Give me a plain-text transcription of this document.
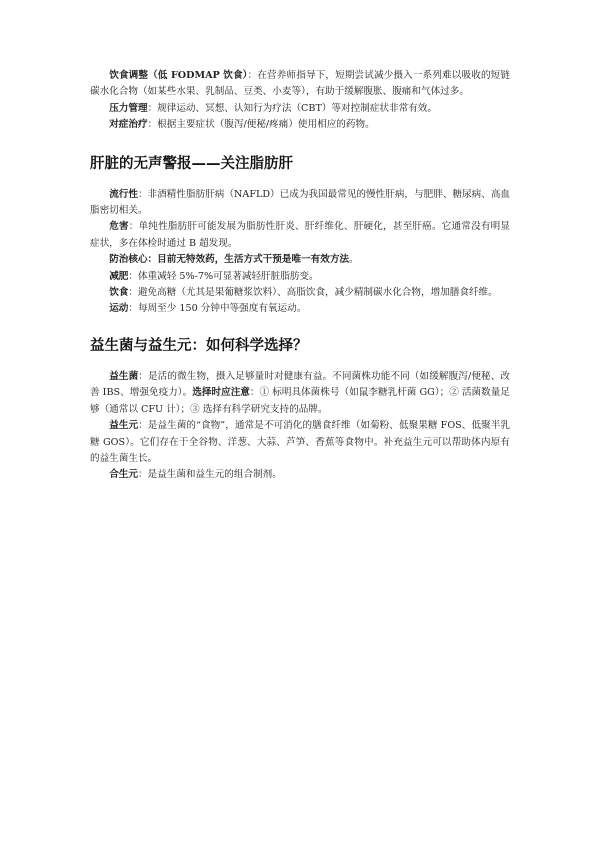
饮食调整（低 FODMAP 饮食）：在营养师指导下，短期尝试减少摄入一系列难以吸收的短链碳水化合物（如某些水果、乳制品、豆类、小麦等），有助于缓解腹胀、腹痛和气体过多。

压力管理：规律运动、冥想、认知行为疗法（CBT）等对控制症状非常有效。

对症治疗：根据主要症状（腹泻/便秘/疼痛）使用相应的药物。

肝脏的无声警报——关注脂肪肝

流行性：非酒精性脂肪肝病（NAFLD）已成为我国最常见的慢性肝病，与肥胖、糖尿病、高血脂密切相关。

危害：单纯性脂肪肝可能发展为脂肪性肝炎、肝纤维化、肝硬化，甚至肝癌。它通常没有明显症状，多在体检时通过 B 超发现。

防治核心：目前无特效药，生活方式干预是唯一有效方法。

减肥：体重减轻 5%-7%可显著减轻肝脏脂肪变。

饮食：避免高糖（尤其是果葡糖浆饮料）、高脂饮食，减少精制碳水化合物，增加膳食纤维。

运动：每周至少 150 分钟中等强度有氧运动。

益生菌与益生元：如何科学选择？

益生菌：是活的微生物，摄入足够量时对健康有益。不同菌株功能不同（如缓解腹泻/便秘、改善 IBS、增强免疫力）。选择时应注意：① 标明具体菌株号（如鼠李糖乳杆菌 GG）；② 活菌数量足够（通常以 CFU 计）；③ 选择有科学研究支持的品牌。

益生元：是益生菌的“食物”，通常是不可消化的膳食纤维（如菊粉、低聚果糖 FOS、低聚半乳糖 GOS）。它们存在于全谷物、洋葱、大蒜、芦笋、香蕉等食物中。补充益生元可以帮助体内原有的益生菌生长。

合生元：是益生菌和益生元的组合制剂。
